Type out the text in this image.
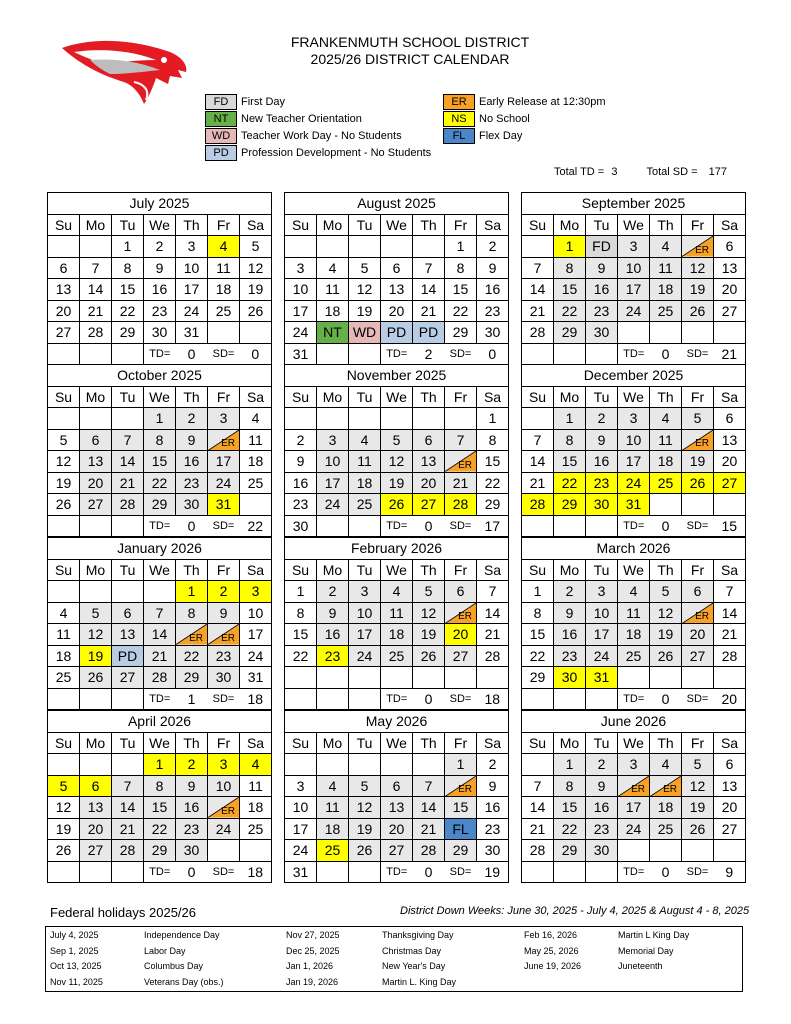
FRANKENMUTH SCHOOL DISTRICT
2025/26 DISTRICT CALENDAR
FD First Day
NT New Teacher Orientation
WD Teacher Work Day - No Students
PD Profession Development - No Students
ER Early Release at 12:30pm
NS No School
FL Flex Day
Total TD = 3	Total SD = 177
July 2025						
Su	Mo	Tu	We	Th	Fr	Sa
		1	2	3	4	5
6	7	8	9	10	11	12
13	14	15	16	17	18	19
20	21	22	23	24	25	26
27	28	29	30	31		
			TD=	0	SD=	0
August 2025						
Su	Mo	Tu	We	Th	Fr	Sa
					1	2
3	4	5	6	7	8	9
10	11	12	13	14	15	16
17	18	19	20	21	22	23
24	NT	WD	PD	PD	29	30
31			TD=	2	SD=	0
September 2025						
Su	Mo	Tu	We	Th	Fr	Sa
	1	FD	3	4	ER	6
7	8	9	10	11	12	13
14	15	16	17	18	19	20
21	22	23	24	25	26	27
28	29	30				
			TD=	0	SD=	21
October 2025						
Su	Mo	Tu	We	Th	Fr	Sa
			1	2	3	4
5	6	7	8	9	ER	11
12	13	14	15	16	17	18
19	20	21	22	23	24	25
26	27	28	29	30	31	
			TD=	0	SD=	22
November 2025						
Su	Mo	Tu	We	Th	Fr	Sa
						1
2	3	4	5	6	7	8
9	10	11	12	13	ER	15
16	17	18	19	20	21	22
23	24	25	26	27	28	29
30			TD=	0	SD=	17
December 2025						
Su	Mo	Tu	We	Th	Fr	Sa
	1	2	3	4	5	6
7	8	9	10	11	ER	13
14	15	16	17	18	19	20
21	22	23	24	25	26	27
28	29	30	31			
			TD=	0	SD=	15
January 2026						
Su	Mo	Tu	We	Th	Fr	Sa
				1	2	3
4	5	6	7	8	9	10
11	12	13	14	ER	ER	17
18	19	PD	21	22	23	24
25	26	27	28	29	30	31
			TD=	1	SD=	18
February 2026						
Su	Mo	Tu	We	Th	Fr	Sa
1	2	3	4	5	6	7
8	9	10	11	12	ER	14
15	16	17	18	19	20	21
22	23	24	25	26	27	28

			TD=	0	SD=	18
March 2026						
Su	Mo	Tu	We	Th	Fr	Sa
1	2	3	4	5	6	7
8	9	10	11	12	ER	14
15	16	17	18	19	20	21
22	23	24	25	26	27	28
29	30	31				
			TD=	0	SD=	20
April 2026						
Su	Mo	Tu	We	Th	Fr	Sa
			1	2	3	4
5	6	7	8	9	10	11
12	13	14	15	16	ER	18
19	20	21	22	23	24	25
26	27	28	29	30		
			TD=	0	SD=	18
May 2026						
Su	Mo	Tu	We	Th	Fr	Sa
					1	2
3	4	5	6	7	ER	9
10	11	12	13	14	15	16
17	18	19	20	21	FL	23
24	25	26	27	28	29	30
31			TD=	0	SD=	19
June 2026						
Su	Mo	Tu	We	Th	Fr	Sa
	1	2	3	4	5	6
7	8	9	ER	ER	12	13
14	15	16	17	18	19	20
21	22	23	24	25	26	27
28	29	30				
			TD=	0	SD=	9
Federal holidays 2025/26	District Down Weeks: June 30, 2025 - July 4, 2025 & August 4 - 8, 2025
July 4, 2025	Independence Day
Sep 1, 2025	Labor Day
Oct 13, 2025	Columbus Day
Nov 11, 2025	Veterans Day (obs.)
Nov 27, 2025	Thanksgiving Day
Dec 25, 2025	Christmas Day
Jan 1, 2026	New Year's Day
Jan 19, 2026	Martin L. King Day
Feb 16, 2026	Martin L King Day
May 25, 2026	Memorial Day
June 19, 2026	Juneteenth
